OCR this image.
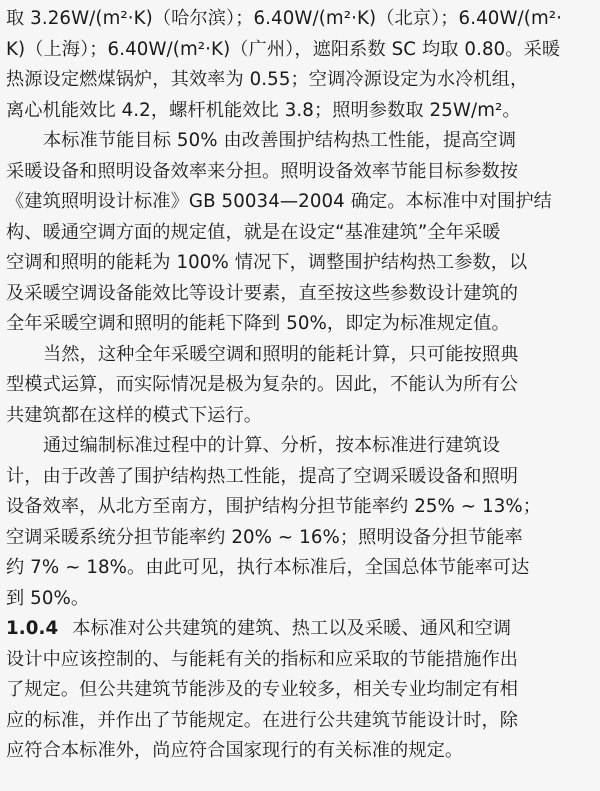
取 3.26W/(m²·K)（哈尔滨）；6.40W/(m²·K)（北京）；6.40W/(m²·
K)（上海）；6.40W/(m²·K)（广州），遮阳系数 SC 均取 0.80。采暖
热源设定燃煤锅炉，其效率为 0.55；空调冷源设定为水冷机组，
离心机能效比 4.2，螺杆机能效比 3.8；照明参数取 25W/m²。
本标准节能目标 50% 由改善围护结构热工性能，提高空调
采暖设备和照明设备效率来分担。照明设备效率节能目标参数按
《建筑照明设计标准》GB 50034—2004 确定。本标准中对围护结
构、暖通空调方面的规定值，就是在设定“基准建筑”全年采暖
空调和照明的能耗为 100% 情况下，调整围护结构热工参数，以
及采暖空调设备能效比等设计要素，直至按这些参数设计建筑的
全年采暖空调和照明的能耗下降到 50%，即定为标准规定值。
当然，这种全年采暖空调和照明的能耗计算，只可能按照典
型模式运算，而实际情况是极为复杂的。因此，不能认为所有公
共建筑都在这样的模式下运行。
通过编制标准过程中的计算、分析，按本标准进行建筑设
计，由于改善了围护结构热工性能，提高了空调采暖设备和照明
设备效率，从北方至南方，围护结构分担节能率约 25% ~ 13%；
空调采暖系统分担节能率约 20% ~ 16%；照明设备分担节能率
约 7% ~ 18%。由此可见，执行本标准后，全国总体节能率可达
到 50%。
1.0.4 本标准对公共建筑的建筑、热工以及采暖、通风和空调
设计中应该控制的、与能耗有关的指标和应采取的节能措施作出
了规定。但公共建筑节能涉及的专业较多，相关专业均制定有相
应的标准，并作出了节能规定。在进行公共建筑节能设计时，除
应符合本标准外，尚应符合国家现行的有关标准的规定。
